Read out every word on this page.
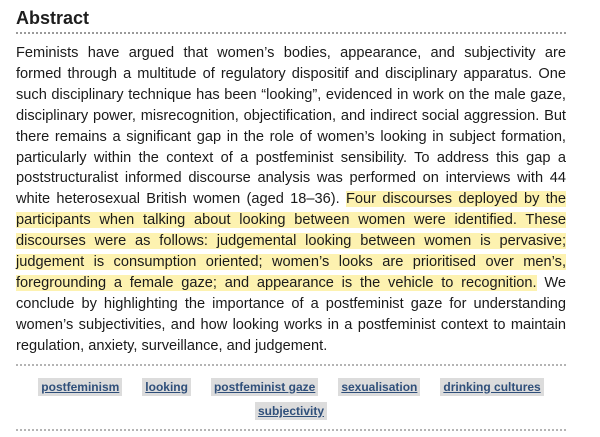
Abstract

Feminists have argued that women’s bodies, appearance, and subjectivity are formed through a multitude of regulatory dispositif and disciplinary apparatus. One such disciplinary technique has been “looking”, evidenced in work on the male gaze, disciplinary power, misrecognition, objectification, and indirect social aggression. But there remains a significant gap in the role of women’s looking in subject formation, particularly within the context of a postfeminist sensibility. To address this gap a poststructuralist informed discourse analysis was performed on interviews with 44 white heterosexual British women (aged 18–36). Four discourses deployed by the participants when talking about looking between women were identified. These discourses were as follows: judgemental looking between women is pervasive; judgement is consumption oriented; women’s looks are prioritised over men’s, foregrounding a female gaze; and appearance is the vehicle to recognition. We conclude by highlighting the importance of a postfeminist gaze for understanding women’s subjectivities, and how looking works in a postfeminist context to maintain regulation, anxiety, surveillance, and judgement.

postfeminism looking postfeminist gaze sexualisation drinking cultures
subjectivity
